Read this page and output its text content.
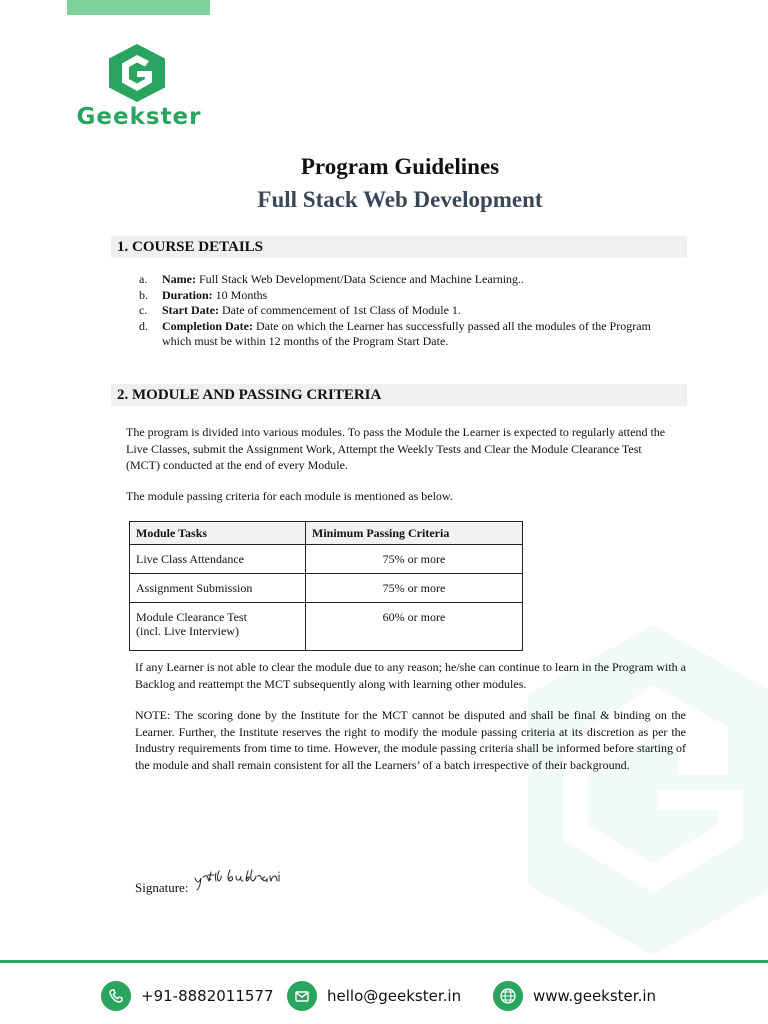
Geekster
Program Guidelines
Full Stack Web Development
1. COURSE DETAILS
a.	Name: Full Stack Web Development/Data Science and Machine Learning..
b.	Duration: 10 Months
c.	Start Date: Date of commencement of 1st Class of Module 1.
d.	Completion Date: Date on which the Learner has successfully passed all the modules of the Program which must be within 12 months of the Program Start Date.
2. MODULE AND PASSING CRITERIA
The program is divided into various modules. To pass the Module the Learner is expected to regularly attend the Live Classes, submit the Assignment Work, Attempt the Weekly Tests and Clear the Module Clearance Test (MCT) conducted at the end of every Module.
The module passing criteria for each module is mentioned as below.
Module Tasks	Minimum Passing Criteria
Live Class Attendance	75% or more
Assignment Submission	75% or more
Module Clearance Test
(incl. Live Interview)	60% or more
If any Learner is not able to clear the module due to any reason; he/she can continue to learn in the Program with a Backlog and reattempt the MCT subsequently along with learning other modules.
NOTE: The scoring done by the Institute for the MCT cannot be disputed and shall be final & binding on the Learner. Further, the Institute reserves the right to modify the module passing criteria at its discretion as per the Industry requirements from time to time. However, the module passing criteria shall be informed before starting of the module and shall remain consistent for all the Learners’ of a batch irrespective of their background.
Signature:
+91-8882011577	hello@geekster.in	www.geekster.in
